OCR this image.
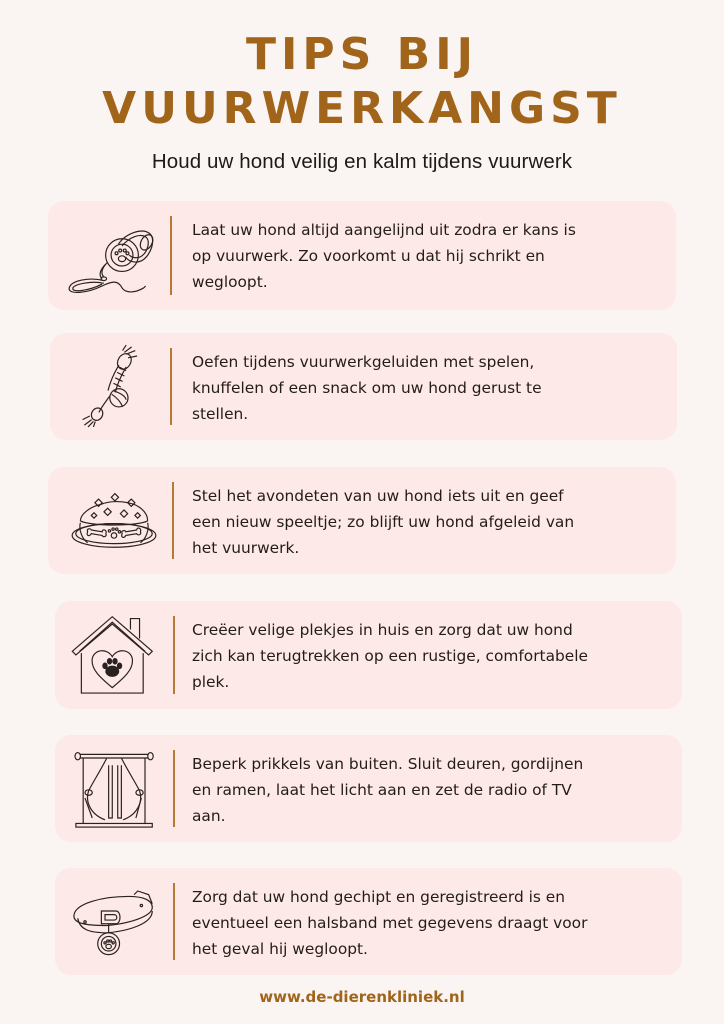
TIPS BIJ
VUURWERKANGST
Houd uw hond veilig en kalm tijdens vuurwerk
Laat uw hond altijd aangelijnd uit zodra er kans is
op vuurwerk. Zo voorkomt u dat hij schrikt en
wegloopt.
Oefen tijdens vuurwerkgeluiden met spelen,
knuffelen of een snack om uw hond gerust te
stellen.
Stel het avondeten van uw hond iets uit en geef
een nieuw speeltje; zo blijft uw hond afgeleid van
het vuurwerk.
Creëer velige plekjes in huis en zorg dat uw hond
zich kan terugtrekken op een rustige, comfortabele
plek.
Beperk prikkels van buiten. Sluit deuren, gordijnen
en ramen, laat het licht aan en zet de radio of TV
aan.
Zorg dat uw hond gechipt en geregistreerd is en
eventueel een halsband met gegevens draagt voor
het geval hij wegloopt.
www.de-dierenkliniek.nl
